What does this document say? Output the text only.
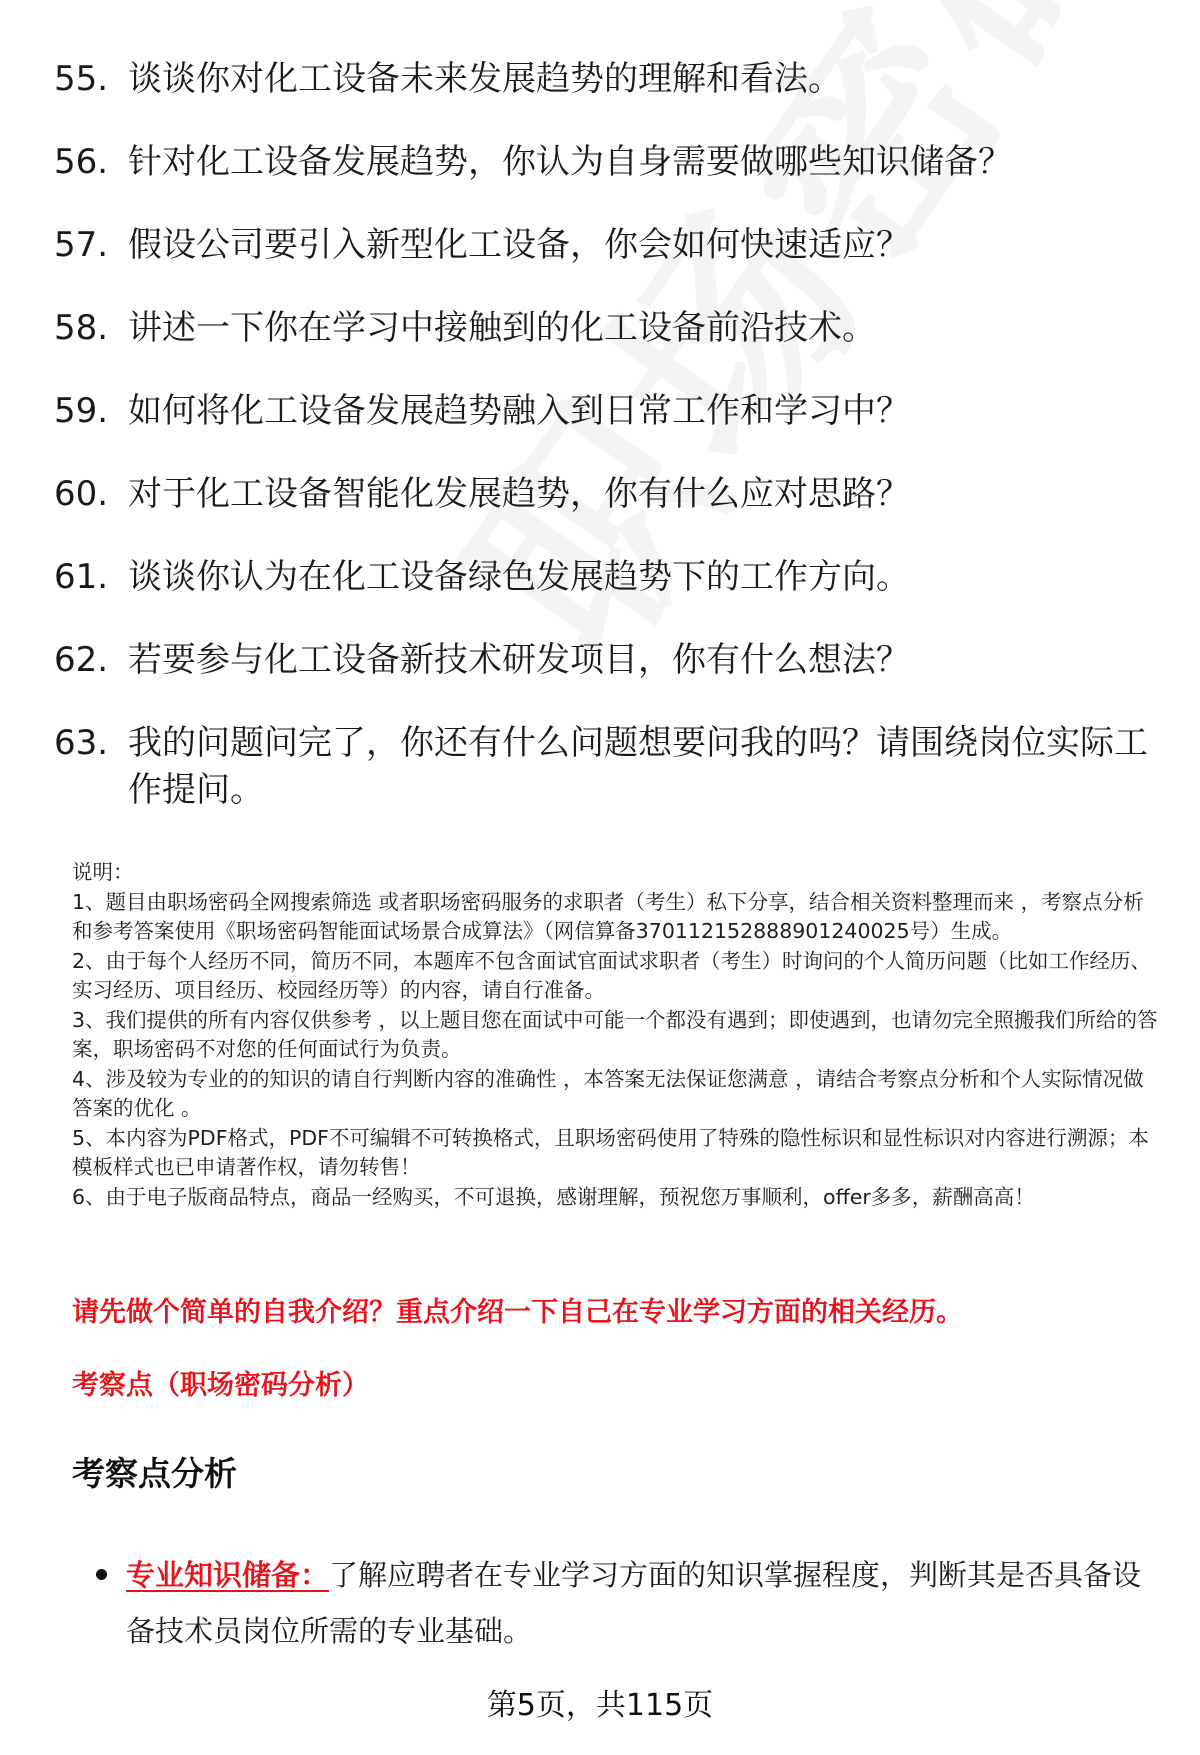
55. 谈谈你对化工设备未来发展趋势的理解和看法。
56. 针对化工设备发展趋势，你认为自身需要做哪些知识储备？
57. 假设公司要引入新型化工设备，你会如何快速适应？
58. 讲述一下你在学习中接触到的化工设备前沿技术。
59. 如何将化工设备发展趋势融入到日常工作和学习中？
60. 对于化工设备智能化发展趋势，你有什么应对思路？
61. 谈谈你认为在化工设备绿色发展趋势下的工作方向。
62. 若要参与化工设备新技术研发项目，你有什么想法？
63. 我的问题问完了，你还有什么问题想要问我的吗？请围绕岗位实际工作提问。

说明：

1、题目由职场密码全网搜索筛选 或者职场密码服务的求职者（考生）私下分享，结合相关资料整理而来 ，考察点分析和参考答案使用《职场密码智能面试场景合成算法》（网信算备370112152888901240025号）生成。

2、由于每个人经历不同，简历不同，本题库不包含面试官面试求职者（考生）时询问的个人简历问题（比如工作经历、实习经历、项目经历、校园经历等）的内容，请自行准备。

3、我们提供的所有内容仅供参考 ，以上题目您在面试中可能一个都没有遇到；即使遇到，也请勿完全照搬我们所给的答案，职场密码不对您的任何面试行为负责。

4、涉及较为专业的的知识的请自行判断内容的准确性 ，本答案无法保证您满意 ，请结合考察点分析和个人实际情况做答案的优化 。

5、本内容为PDF格式，PDF不可编辑不可转换格式，且职场密码使用了特殊的隐性标识和显性标识对内容进行溯源；本模板样式也已申请著作权，请勿转售！

6、由于电子版商品特点，商品一经购买，不可退换，感谢理解，预祝您万事顺利，offer多多，薪酬高高！

请先做个简单的自我介绍？重点介绍一下自己在专业学习方面的相关经历。
考察点（职场密码分析）
考察点分析
专业知识储备：了解应聘者在专业学习方面的知识掌握程度，判断其是否具备设备技术员岗位所需的专业基础。
第5页，共115页
